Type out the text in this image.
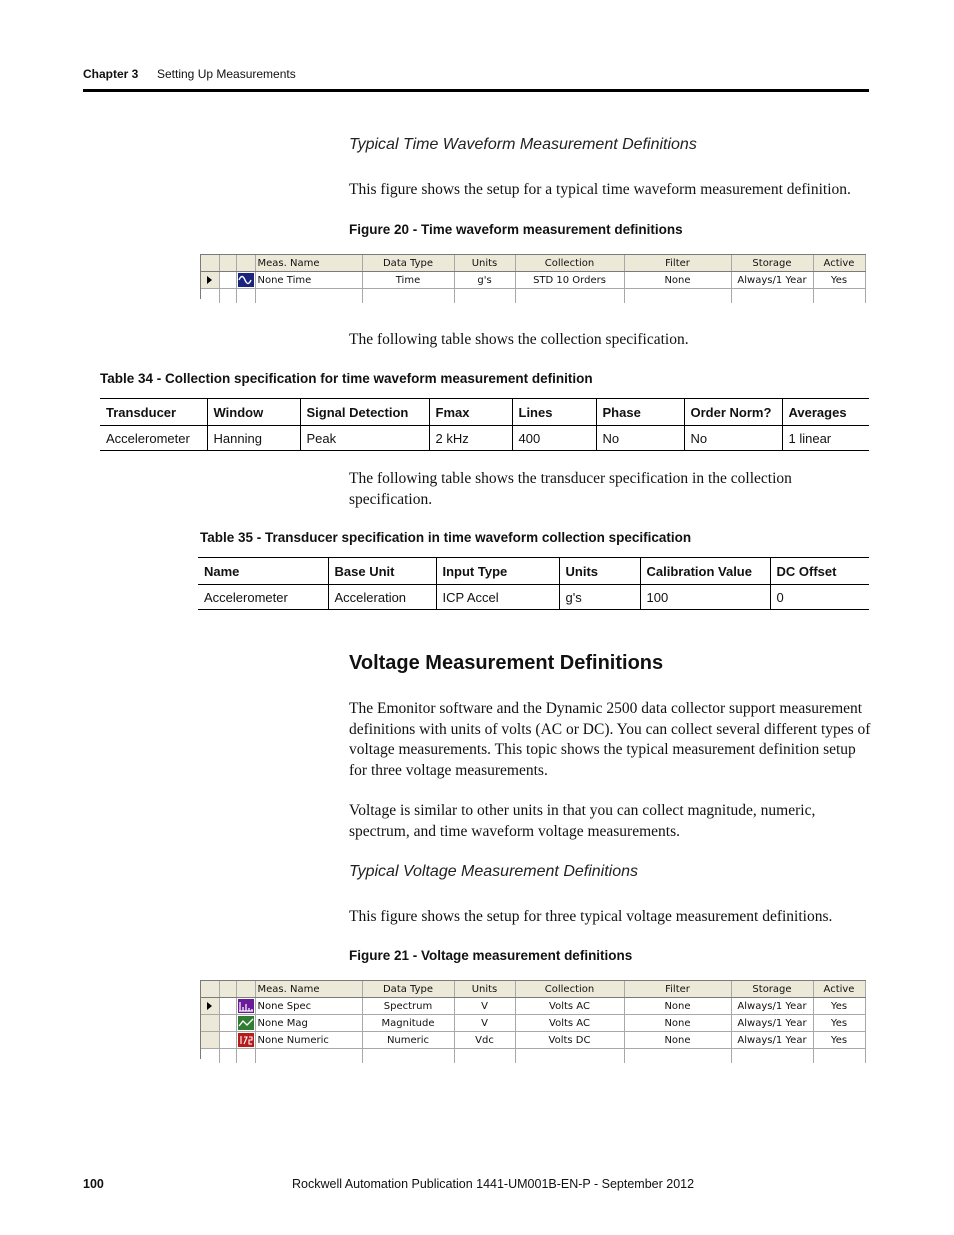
Chapter 3 Setting Up Measurements
Typical Time Waveform Measurement Definitions
This figure shows the setup for a typical time waveform measurement definition.
Figure 20 - Time waveform measurement definitions
			Meas. Name	Data Type	Units	Collection	Filter	Storage	Active
			None Time	Time	g's	STD 10 Orders	None	Always/1 Year	Yes

The following table shows the collection specification.
Table 34 - Collection specification for time waveform measurement definition
Transducer	Window	Signal Detection	Fmax	Lines	Phase	Order Norm?	Averages
Accelerometer	Hanning	Peak	2 kHz	400	No	No	1 linear
The following table shows the transducer specification in the collection specification.
Table 35 - Transducer specification in time waveform collection specification
Name	Base Unit	Input Type	Units	Calibration Value	DC Offset
Accelerometer	Acceleration	ICP Accel	g's	100	0
Voltage Measurement Definitions
The Emonitor software and the Dynamic 2500 data collector support measurement definitions with units of volts (AC or DC). You can collect several different types of voltage measurements. This topic shows the typical measurement definition setup for three voltage measurements.
Voltage is similar to other units in that you can collect magnitude, numeric, spectrum, and time waveform voltage measurements.
Typical Voltage Measurement Definitions
This figure shows the setup for three typical voltage measurement definitions.
Figure 21 - Voltage measurement definitions
			Meas. Name	Data Type	Units	Collection	Filter	Storage	Active
			None Spec	Spectrum	V	Volts AC	None	Always/1 Year	Yes
			None Mag	Magnitude	V	Volts AC	None	Always/1 Year	Yes
			None Numeric	Numeric	Vdc	Volts DC	None	Always/1 Year	Yes

100	Rockwell Automation Publication 1441-UM001B-EN-P - September 2012
